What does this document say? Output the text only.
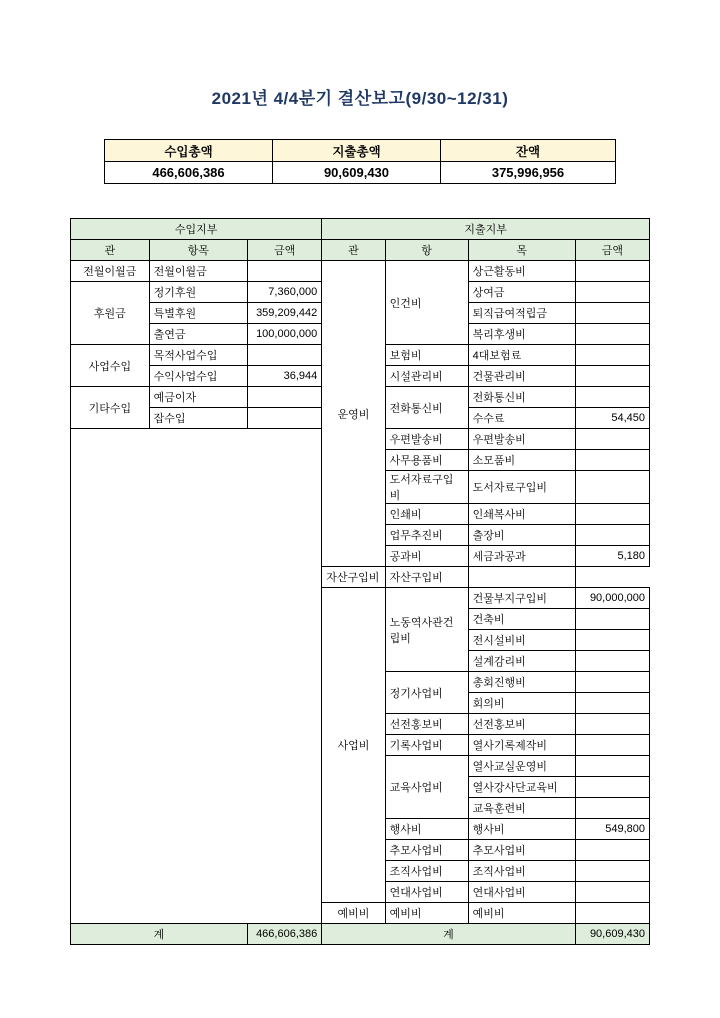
2021년 4/4분기 결산보고(9/30~12/31)
수입총액	지출총액	잔액
466,606,386	90,609,430	375,996,956
수입지부			지출지부			
관	항목	금액	관	항	목	금액
전월이월금	전월이월금		운영비	인건비	상근활동비	
후원금	정기후원	7,360,000			상여금	
	특별후원	359,209,442			퇴직급여적립금	
	출연금	100,000,000			복리후생비	
사업수입	목적사업수입			보험비	4대보험료	
	수익사업수입	36,944		시설관리비	건물관리비	
기타수입	예금이자			전화통신비	전화통신비	
	잡수입				수수료	54,450
				우편발송비	우편발송비	
				사무용품비	소모품비	
				도서자료구입비	도서자료구입비	
				인쇄비	인쇄복사비	
				업무추진비	출장비	
				공과비	세금과공과	5,180
			자산구입비	자산구입비		
			사업비	노동역사관건립비	건물부지구입비	90,000,000
					건축비	
					전시설비비	
					설계감리비	
				정기사업비	총회진행비	
					회의비	
				선전홍보비	선전홍보비	
				기록사업비	열사기록제작비	
				교육사업비	열사교실운영비	
					열사강사단교육비	
					교육훈련비	
				행사비	행사비	549,800
				추모사업비	추모사업비	
				조직사업비	조직사업비	
				연대사업비	연대사업비	
			예비비	예비비	예비비	
계		466,606,386	계			90,609,430
